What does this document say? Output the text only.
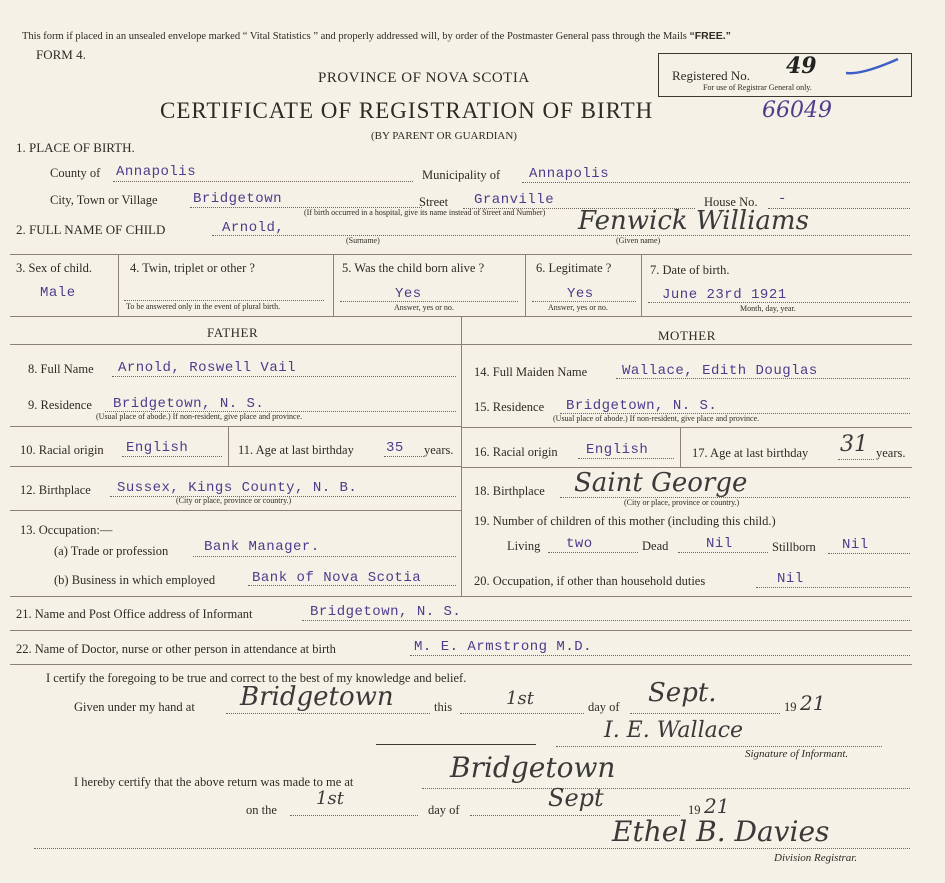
This form if placed in an unsealed envelope marked “ Vital Statistics ” and properly addressed will, by order of the Postmaster General pass through the Mails “FREE.”
FORM 4.
PROVINCE OF NOVA SCOTIA
CERTIFICATE OF REGISTRATION OF BIRTH
(BY PARENT OR GUARDIAN)
Registered No. 49
For use of Registrar General only.
66049
1. PLACE OF BIRTH.
County of Annapolis	Municipality of Annapolis
City, Town or Village	Bridgetown	Street Granville	House No. -
(If birth occurred in a hospital, give its name instead of Street and Number)
2. FULL NAME OF CHILD	Arnold,
(Surname)
Fenwick Williams
(Given name)
3. Sex of child.
Male
4. Twin, triplet or other ?
To be answered only in the event of plural birth.
5. Was the child born alive ?
Yes
Answer, yes or no.
6. Legitimate ?
Yes
Answer, yes or no.
7. Date of birth.
June 23rd 1921
Month, day, year.
FATHER	MOTHER
8. Full Name Arnold, Roswell Vail
9. Residence Bridgetown, N. S.
(Usual place of abode.) If non-resident, give place and province.
10. Racial origin English	11. Age at last birthday 35 years.
12. Birthplace Sussex, Kings County, N. B.
(City or place, province or country.)
13. Occupation:—
(a) Trade or profession	Bank Manager.
(b) Business in which employed	Bank of Nova Scotia
14. Full Maiden Name Wallace, Edith Douglas
15. Residence Bridgetown, N. S.
(Usual place of abode.) If non-resident, give place and province.
16. Racial origin English	17. Age at last birthday 31 years.
18. Birthplace Saint George
(City or place, province or country.)
19. Number of children of this mother (including this child.)
Living two	Dead	Nil	Stillborn Nil
20. Occupation, if other than household duties	Nil
21. Name and Post Office address of Informant	Bridgetown, N. S.
22. Name of Doctor, nurse or other person in attendance at birth	M. E. Armstrong M.D.
I certify the foregoing to be true and correct to the best of my knowledge and belief.
Given under my hand at Bridgetown	this	1st	day of Sept.	19 21
I. E. Wallace
Signature of Informant.
I hereby certify that the above return was made to me at	Bridgetown
on the
1st
day of	Sept	19 21
Ethel B. Davies
Division Registrar.
